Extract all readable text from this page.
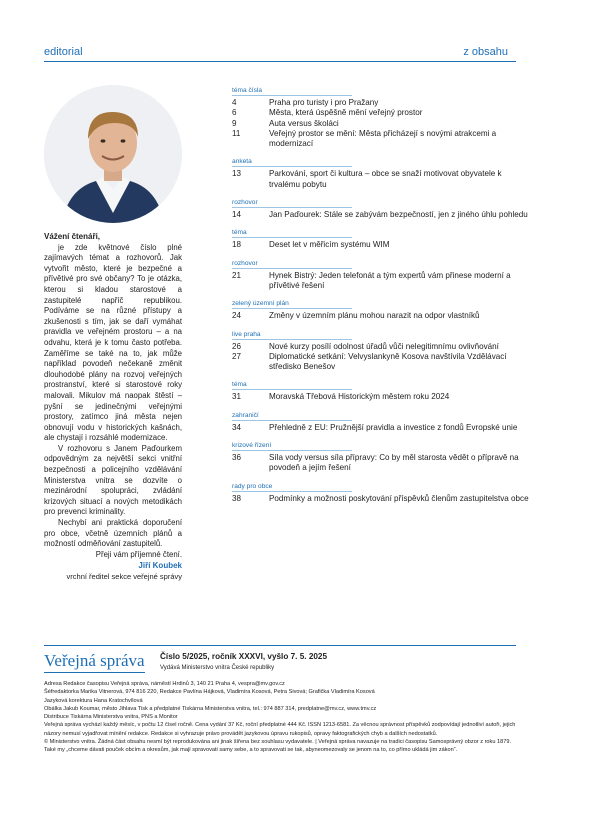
editorial	z obsahu

Vážení čtenáři,

je zde květnové číslo plné zajímavých témat a rozhovorů. Jak vytvořit město, které je bezpečné a přívětivé pro své občany? To je otázka, kterou si kladou starostové a zastupitelé napříč republikou. Podíváme se na různé přístupy a zkušenosti s tím, jak se daří vymáhat pravidla ve veřejném prostoru – a na odvahu, která je k tomu často potřeba. Zaměříme se také na to, jak může například povodeň nečekaně změnit dlouhodobé plány na rozvoj veřejných prostranství, které si starostové roky malovali. Mikulov má naopak štěstí – pyšní se jedinečnými veřejnými prostory, zatímco jiná města nejen obnovují vodu v historických kašnách, ale chystají i rozsáhlé modernizace.

V rozhovoru s Janem Paďourkem odpovědným za největší sekci vnitřní bezpečnosti a policejního vzdělávání Ministerstva vnitra se dozvíte o mezinárodní spolupráci, zvládání krizových situací a nových metodikách pro prevenci kriminality.

Nechybí ani praktická doporučení pro obce, včetně územních plánů a možností odměňování zastupitelů.

Přeji vám příjemné čtení.

Jiří Koubek
vrchní ředitel sekce veřejné správy
téma čísla
4	Praha pro turisty i pro Pražany
6	Města, která úspěšně mění veřejný prostor
9	Auta versus školáci
11	Veřejný prostor se mění: Města přicházejí s novými atrakcemi a modernizací
anketa
13	Parkování, sport či kultura – obce se snaží motivovat obyvatele k trvalému pobytu
rozhovor
14	Jan Paďourek: Stále se zabývám bezpečností, jen z jiného úhlu pohledu
téma
18	Deset let v měřicím systému WIM
rozhovor
21	Hynek Bistrý: Jeden telefonát a tým expertů vám přinese moderní a přívětivé řešení
zelený územní plán
24	Změny v územním plánu mohou narazit na odpor vlastníků
live praha
26	Nové kurzy posílí odolnost úřadů vůči nelegitimnímu ovlivňování
27	Diplomatické setkání: Velvyslankyně Kosova navštívila Vzdělávací středisko Benešov
téma
31	Moravská Třebová Historickým městem roku 2024
zahraničí
34	Přehledně z EU: Pružnější pravidla a investice z fondů Evropské unie
krizové řízení
36	Síla vody versus síla přípravy: Co by měl starosta vědět o přípravě na povodeň a jejím řešení
rady pro obce
38	Podmínky a možnosti poskytování příspěvků členům zastupitelstva obce
Veřejná správa Číslo 5/2025, ročník XXXVI, vyšlo 7. 5. 2025
Vydává Ministerstvo vnitra České republiky

Adresa Redakce časopisu Veřejná správa, náměstí Hrdinů 3, 140 21 Praha 4, vespra@mv.gov.cz

Šéfredaktorka Marika Vitnerová, 974 816 220, Redakce Pavlína Hájková, Vladimíra Kosová, Petra Sivová; Grafička Vladimíra Kosová

Jazyková korektura Hana Kratochvílová

Obálka Jakub Koumar, město Jihlava Tisk a předplatné Tiskárna Ministerstva vnitra, tel.: 974 887 314, predplatne@mv.cz, www.tmv.cz

Distribuce Tiskárna Ministerstva vnitra, PNS a Monitor

Veřejná správa vychází každý měsíc, v počtu 12 čísel ročně. Cena vydání 37 Kč, roční předplatné 444 Kč. ISSN 1213-6581. Za věcnou správnost příspěvků zodpovídají jednotliví autoři, jejich názory nemusí vyjadřovat mínění redakce. Redakce si vyhrazuje právo provádět jazykovou úpravu rukopisů, opravy faktografických chyb a dalších nedostatků.

© Ministerstvo vnitra. Žádná část obsahu nesmí být reprodukována ani jinak šířena bez souhlasu vydavatele. | Veřejná správa navazuje na tradici časopisu Samosprávný obzor z roku 1879. Také my „chceme dávati pouček obcím a okresům, jak mají spravovati samy sebe, a to spravovati se tak, abyneomezovaly se jenom na to, co přímo ukládá jim zákon“.
